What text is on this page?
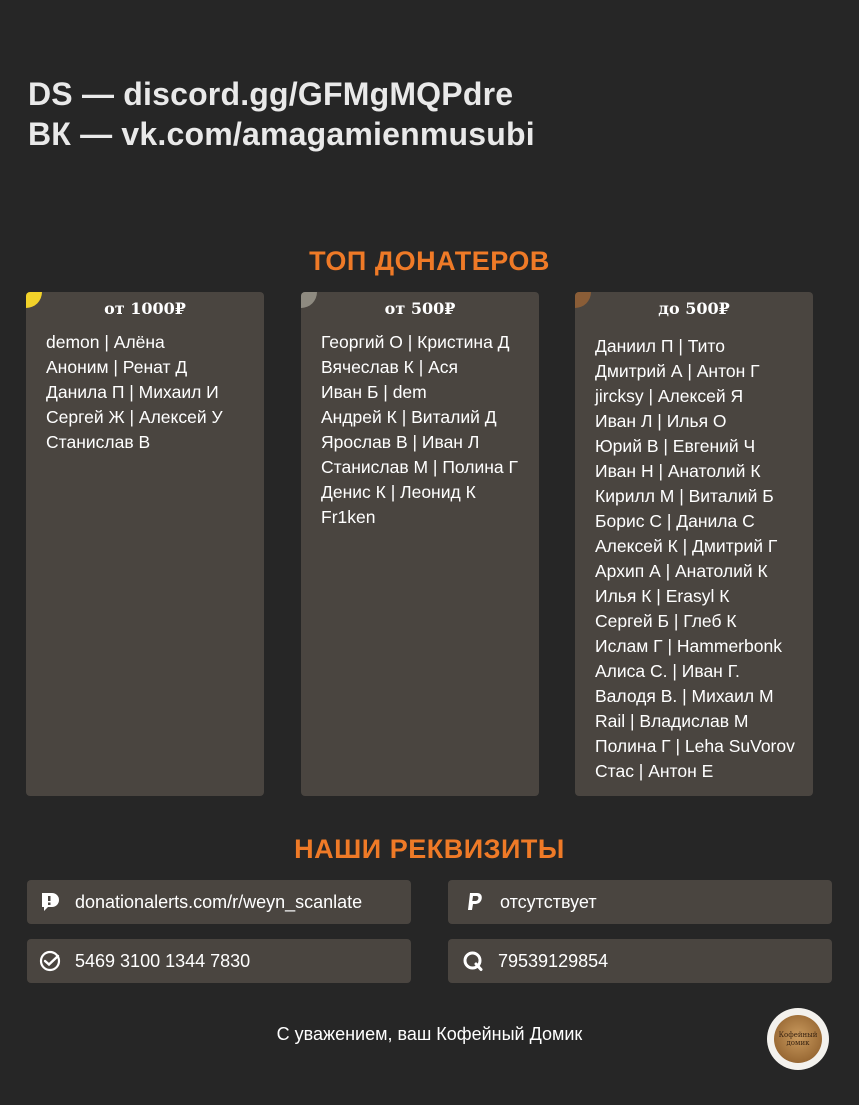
DS — discord.gg/GFMgMQPdre
ВК — vk.com/amagamienmusubi
ТОП ДОНАТЕРОВ
от 1000₽
demon | Алёна
Аноним | Ренат Д
Данила П | Михаил И
Сергей Ж | Алексей У
Станислав В
от 500₽
Георгий О | Кристина Д
Вячеслав К | Ася
Иван Б | dem
Андрей К | Виталий Д
Ярослав В | Иван Л
Станислав М | Полина Г
Денис К | Леонид К
Fr1ken
до 500₽
Даниил П | Тито
Дмитрий А | Антон Г
jircksy | Алексей Я
Иван Л | Илья О
Юрий В | Евгений Ч
Иван Н | Анатолий К
Кирилл М | Виталий Б
Борис С | Данила С
Алексей К | Дмитрий Г
Архип А | Анатолий К
Илья К | Erasyl К
Сергей Б | Глеб К
Ислам Г | Hammerbonk
Алиса С. | Иван Г.
Валодя В. | Михаил М
Rail | Владислав М
Полина Г | Leha SuVorov
Стас | Антон Е
НАШИ РЕКВИЗИТЫ
donationalerts.com/r/weyn_scanlate	отсутствует
5469 3100 1344 7830	79539129854
С уважением, ваш Кофейный Домик	Кофейный домик
